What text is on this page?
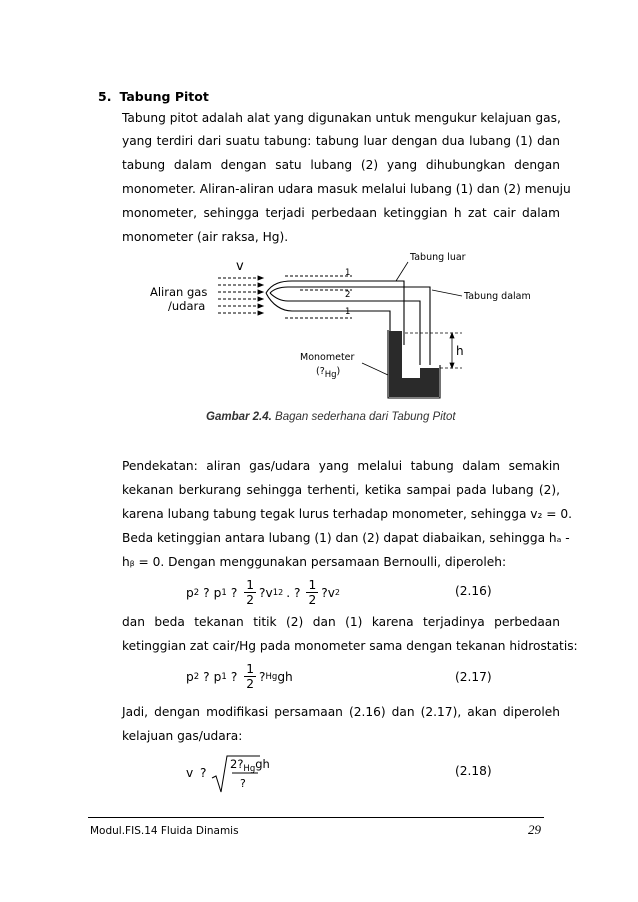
5. Tabung Pitot
Tabung pitot adalah alat yang digunakan untuk mengukur kelajuan gas,
yang terdiri dari suatu tabung: tabung luar dengan dua lubang (1) dan
tabung dalam dengan satu lubang (2) yang dihubungkan dengan
monometer. Aliran-aliran udara masuk melalui lubang (1) dan (2) menuju
monometer, sehingga terjadi perbedaan ketinggian h zat cair dalam
monometer (air raksa, Hg).
v
Aliran gas
/udara
1
2
1
Tabung luar
Tabung dalam
h
Monometer
(?Hg)
Gambar 2.4. Bagan sederhana dari Tabung Pitot
Pendekatan: aliran gas/udara yang melalui tabung dalam semakin
kekanan berkurang sehingga terhenti, ketika sampai pada lubang (2),
karena lubang tabung tegak lurus terhadap monometer, sehingga v₂ = 0.
Beda ketinggian antara lubang (1) dan (2) dapat diabaikan, sehingga hₐ -
hᵦ = 0. Dengan menggunakan persamaan Bernoulli, diperoleh:
p 2 ? p 1 ? $\frac{1}{2}$ ? v 1 2 . ? $\frac{1}{2}$ ?v 2	(2.16)
dan beda tekanan titik (2) dan (1) karena terjadinya perbedaan
ketinggian zat cair/Hg pada monometer sama dengan tekanan hidrostatis:
p 2 ? p 1 ? $\frac{1}{2}$ ? Hg gh	(2.17)
Jadi, dengan modifikasi persamaan (2.16) dan (2.17), akan diperoleh
kelajuan gas/udara:
v ?
$2?_{Hg}gh$
?
(2.18)
Modul.FIS.14 Fluida Dinamis	29
